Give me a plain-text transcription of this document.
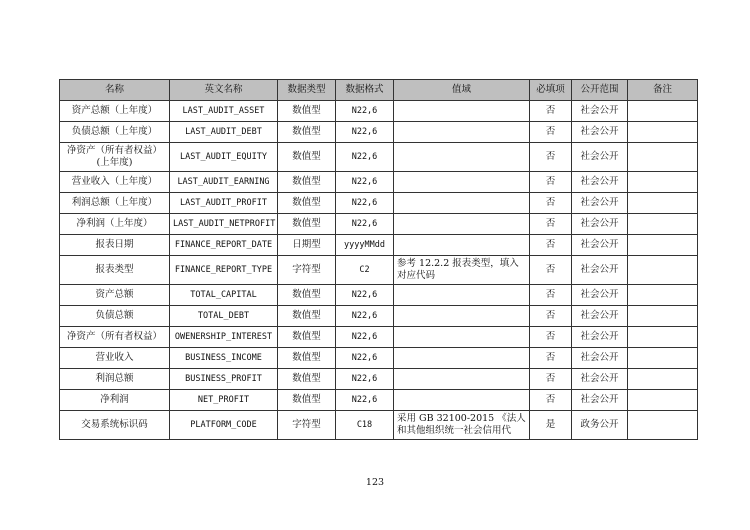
名称	英文名称	数据类型	数据格式	值域	必填项	公开范围	备注
资产总额（上年度）	LAST_AUDIT_ASSET	数值型	N22,6		否	社会公开	
负债总额（上年度）	LAST_AUDIT_DEBT	数值型	N22,6		否	社会公开	
净资产（所有者权益）(上年度)	LAST_AUDIT_EQUITY	数值型	N22,6		否	社会公开	
营业收入（上年度）	LAST_AUDIT_EARNING	数值型	N22,6		否	社会公开	
利润总额（上年度）	LAST_AUDIT_PROFIT	数值型	N22,6		否	社会公开	
净利润（上年度）	LAST_AUDIT_NETPROFIT	数值型	N22,6		否	社会公开	
报表日期	FINANCE_REPORT_DATE	日期型	yyyyMMdd		否	社会公开	
报表类型	FINANCE_REPORT_TYPE	字符型	C2	参考 12.2.2 报表类型，填入对应代码	否	社会公开	
资产总额	TOTAL_CAPITAL	数值型	N22,6		否	社会公开	
负债总额	TOTAL_DEBT	数值型	N22,6		否	社会公开	
净资产（所有者权益）	OWENERSHIP_INTEREST	数值型	N22,6		否	社会公开	
营业收入	BUSINESS_INCOME	数值型	N22,6		否	社会公开	
利润总额	BUSINESS_PROFIT	数值型	N22,6		否	社会公开	
净利润	NET_PROFIT	数值型	N22,6		否	社会公开	
交易系统标识码	PLATFORM_CODE	字符型	C18	采用 GB 32100-2015 《法人和其他组织统一社会信用代	是	政务公开	
123
